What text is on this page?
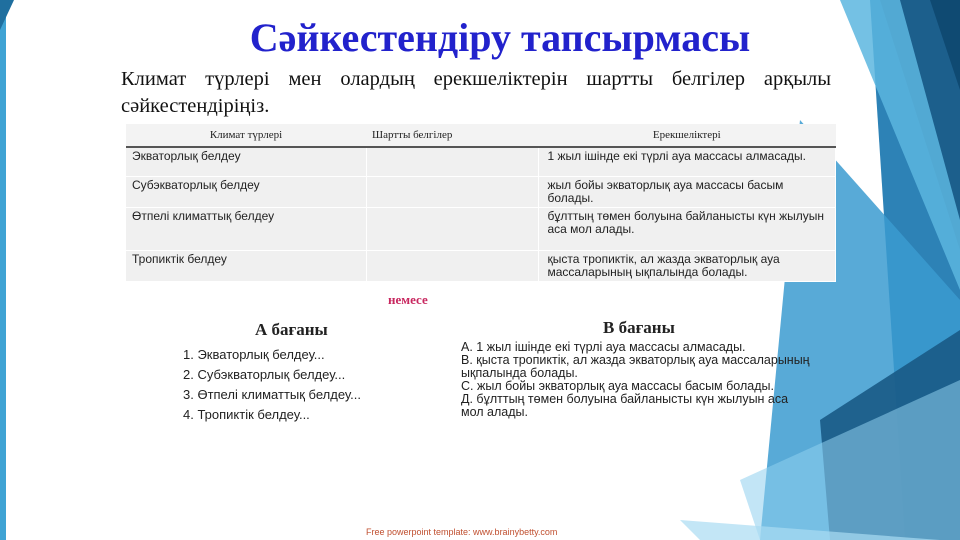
Сәйкестендіру тапсырмасы
Климат түрлері мен олардың ерекшеліктерін шартты белгілер арқылы сәйкестендіріңіз.
Климат түрлері	Шартты белгілер	Ерекшеліктері
Экваторлық белдеу		1 жыл ішінде екі түрлі ауа массасы алмасады.
Субэкваторлық белдеу		жыл бойы экваторлық ауа массасы басым болады.
Өтпелі климаттық белдеу		бұлттың төмен болуына байланысты күн жылуын аса мол алады.
Тропиктік белдеу		қыста тропиктік, ал жазда экваторлық ауа массаларының ықпалында болады.
немесе
А бағаны
1. Экваторлық белдеу...
2. Субэкваторлық белдеу...
3. Өтпелі климаттық белдеу...
4. Тропиктік белдеу...
В бағаны
А. 1 жыл ішінде екі түрлі ауа массасы алмасады.
В. қыста тропиктік, ал жазда экваторлық ауа массаларының ықпалында болады.
С. жыл бойы экваторлық ауа массасы басым болады.
Д. бұлттың төмен болуына байланысты күн жылуын аса мол алады.
Free powerpoint template: www.brainybetty.com
